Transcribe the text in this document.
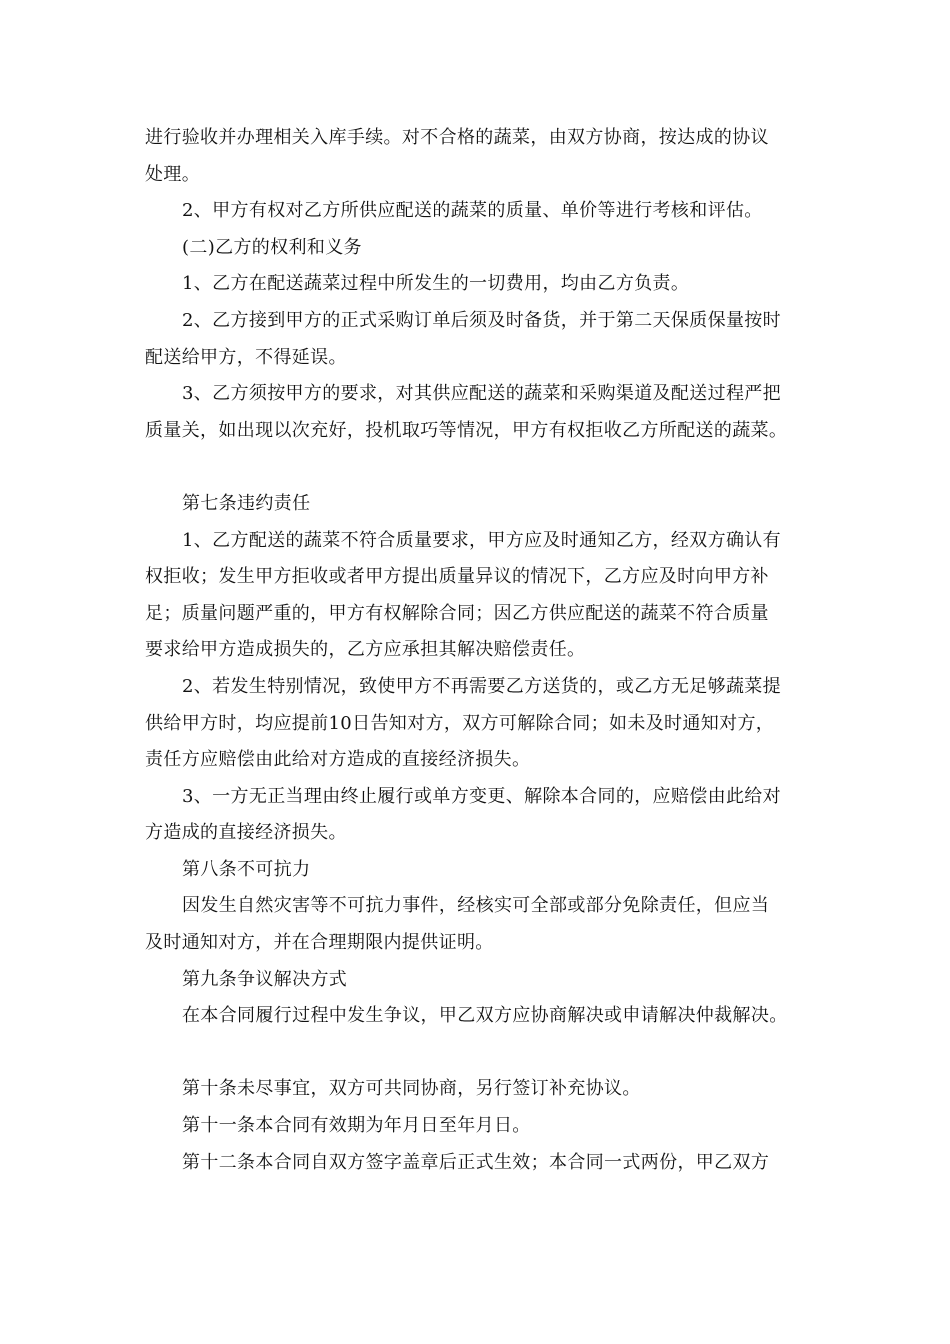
进行验收并办理相关入库手续。对不合格的蔬菜，由双方协商，按达成的协议
处理。
2、甲方有权对乙方所供应配送的蔬菜的质量、单价等进行考核和评估。
(二)乙方的权利和义务
1、乙方在配送蔬菜过程中所发生的一切费用，均由乙方负责。
2、乙方接到甲方的正式采购订单后须及时备货，并于第二天保质保量按时
配送给甲方，不得延误。
3、乙方须按甲方的要求，对其供应配送的蔬菜和采购渠道及配送过程严把
质量关，如出现以次充好，投机取巧等情况，甲方有权拒收乙方所配送的蔬菜。
第七条违约责任
1、乙方配送的蔬菜不符合质量要求，甲方应及时通知乙方，经双方确认有
权拒收；发生甲方拒收或者甲方提出质量异议的情况下，乙方应及时向甲方补
足；质量问题严重的，甲方有权解除合同；因乙方供应配送的蔬菜不符合质量
要求给甲方造成损失的，乙方应承担其解决赔偿责任。
2、若发生特别情况，致使甲方不再需要乙方送货的，或乙方无足够蔬菜提
供给甲方时，均应提前10日告知对方，双方可解除合同；如未及时通知对方，
责任方应赔偿由此给对方造成的直接经济损失。
3、一方无正当理由终止履行或单方变更、解除本合同的，应赔偿由此给对
方造成的直接经济损失。
第八条不可抗力
因发生自然灾害等不可抗力事件，经核实可全部或部分免除责任，但应当
及时通知对方，并在合理期限内提供证明。
第九条争议解决方式
在本合同履行过程中发生争议，甲乙双方应协商解决或申请解决仲裁解决。
第十条未尽事宜，双方可共同协商，另行签订补充协议。
第十一条本合同有效期为年月日至年月日。
第十二条本合同自双方签字盖章后正式生效；本合同一式两份，甲乙双方
